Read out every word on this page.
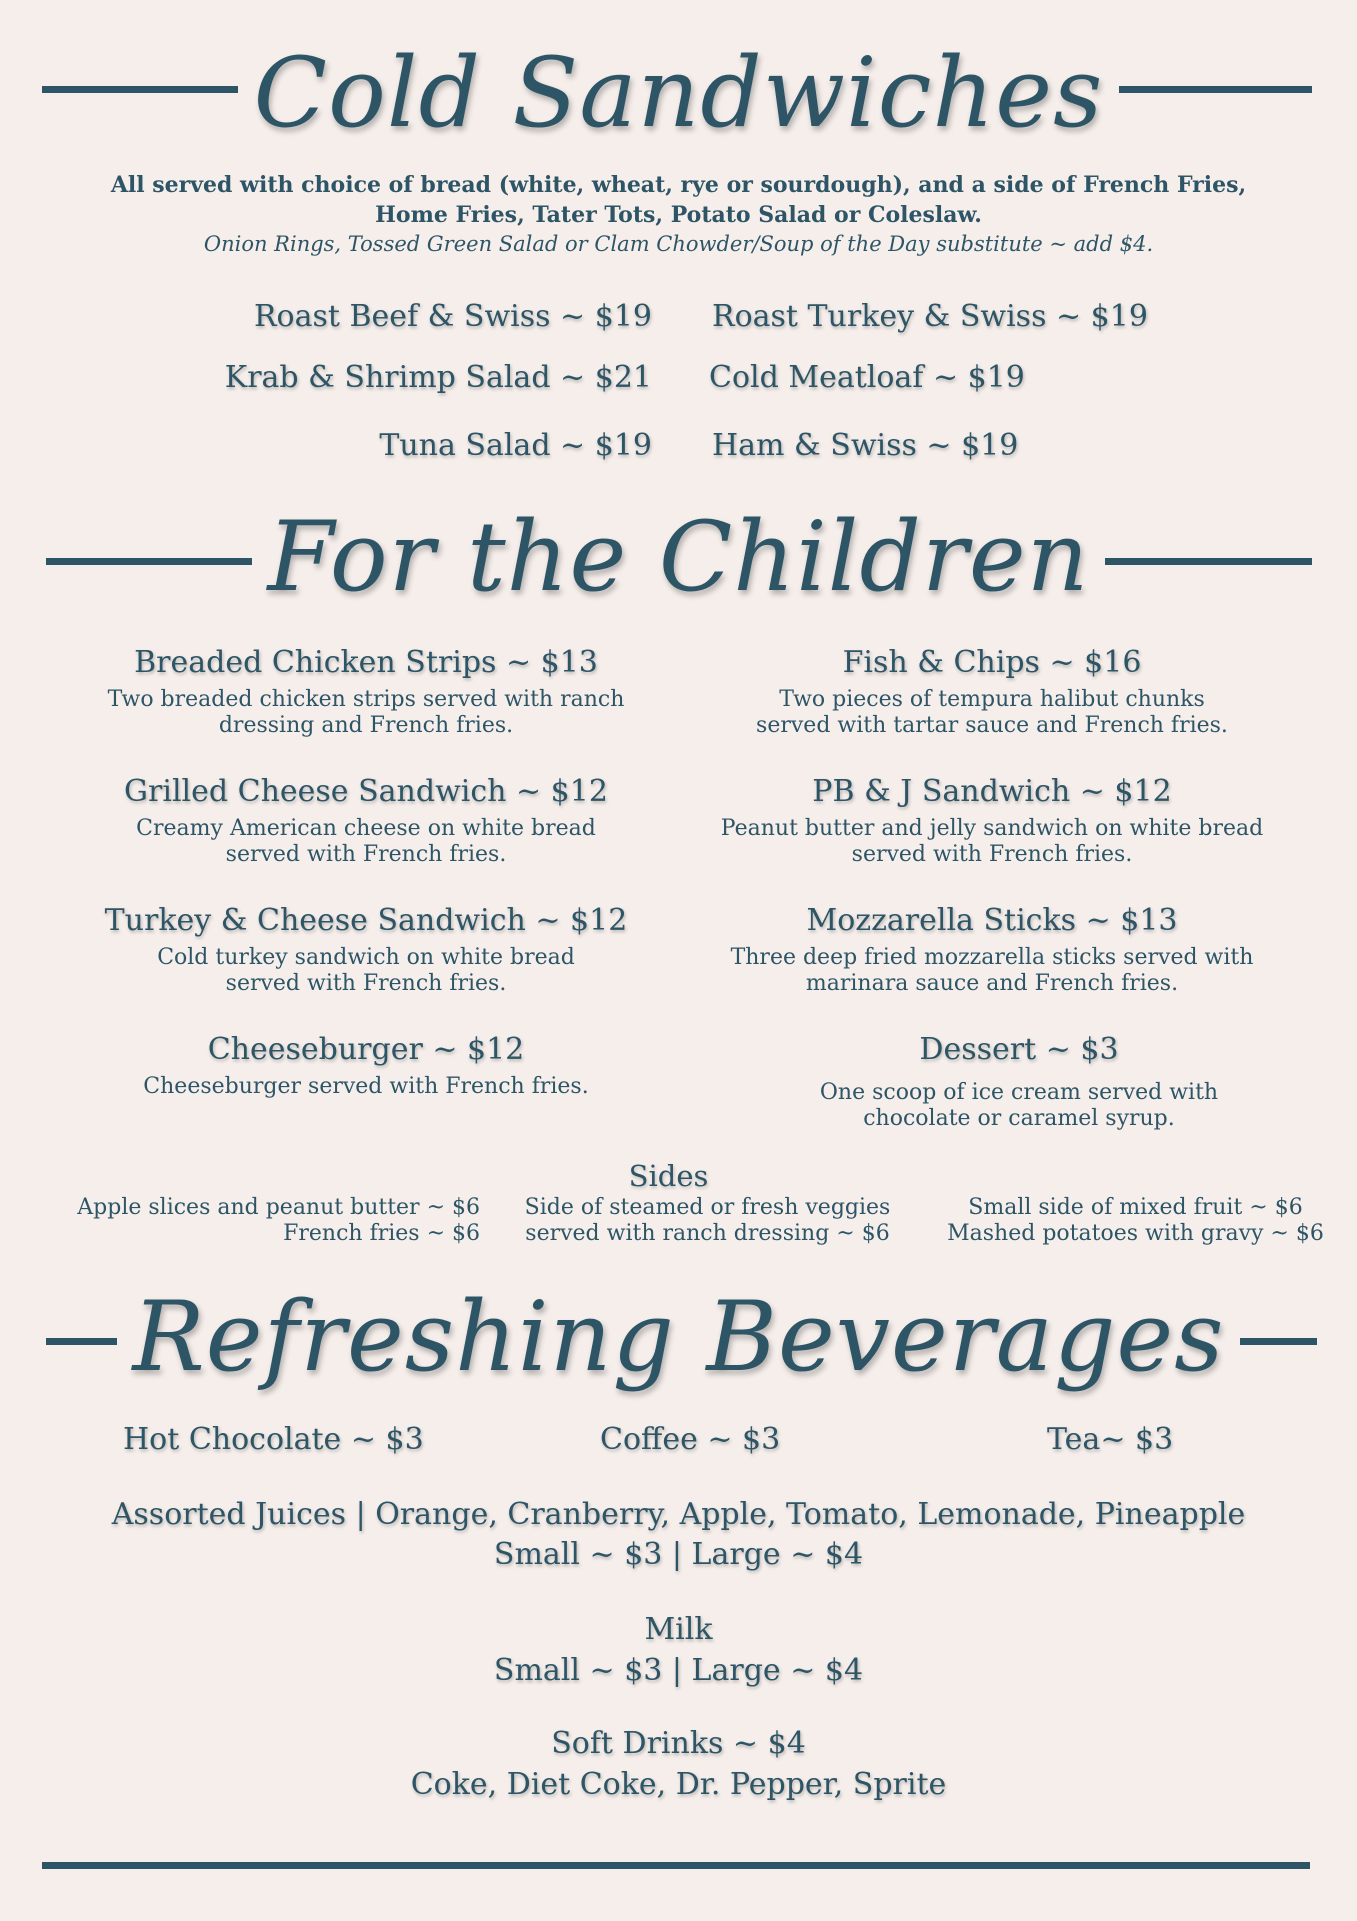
Cold Sandwiches
All served with choice of bread (white, wheat, rye or sourdough), and a side of French Fries,
Home Fries, Tater Tots, Potato Salad or Coleslaw.
Onion Rings, Tossed Green Salad or Clam Chowder/Soup of the Day substitute ~ add $4.
Roast Beef & Swiss ~ $19 Roast Turkey & Swiss ~ $19
Krab & Shrimp Salad ~ $21 Cold Meatloaf ~ $19
Tuna Salad ~ $19 Ham & Swiss ~ $19
For the Children
Breaded Chicken Strips ~ $13
Two breaded chicken strips served with ranch
dressing and French fries.
Fish & Chips ~ $16
Two pieces of tempura halibut chunks
served with tartar sauce and French fries.
Grilled Cheese Sandwich ~ $12
Creamy American cheese on white bread
served with French fries.
PB & J Sandwich ~ $12
Peanut butter and jelly sandwich on white bread
served with French fries.
Turkey & Cheese Sandwich ~ $12
Cold turkey sandwich on white bread
served with French fries.
Mozzarella Sticks ~ $13
Three deep fried mozzarella sticks served with
marinara sauce and French fries.
Cheeseburger ~ $12
Cheeseburger served with French fries.
Dessert ~ $3
One scoop of ice cream served with
chocolate or caramel syrup.
Sides
Apple slices and peanut butter ~ $6
French fries ~ $6
Side of steamed or fresh veggies
served with ranch dressing ~ $6
Small side of mixed fruit ~ $6
Mashed potatoes with gravy ~ $6
Refreshing Beverages
Hot Chocolate ~ $3	Coffee ~ $3	Tea~ $3
Assorted Juices | Orange, Cranberry, Apple, Tomato, Lemonade, Pineapple
Small ~ $3 | Large ~ $4
Milk
Small ~ $3 | Large ~ $4
Soft Drinks ~ $4
Coke, Diet Coke, Dr. Pepper, Sprite
